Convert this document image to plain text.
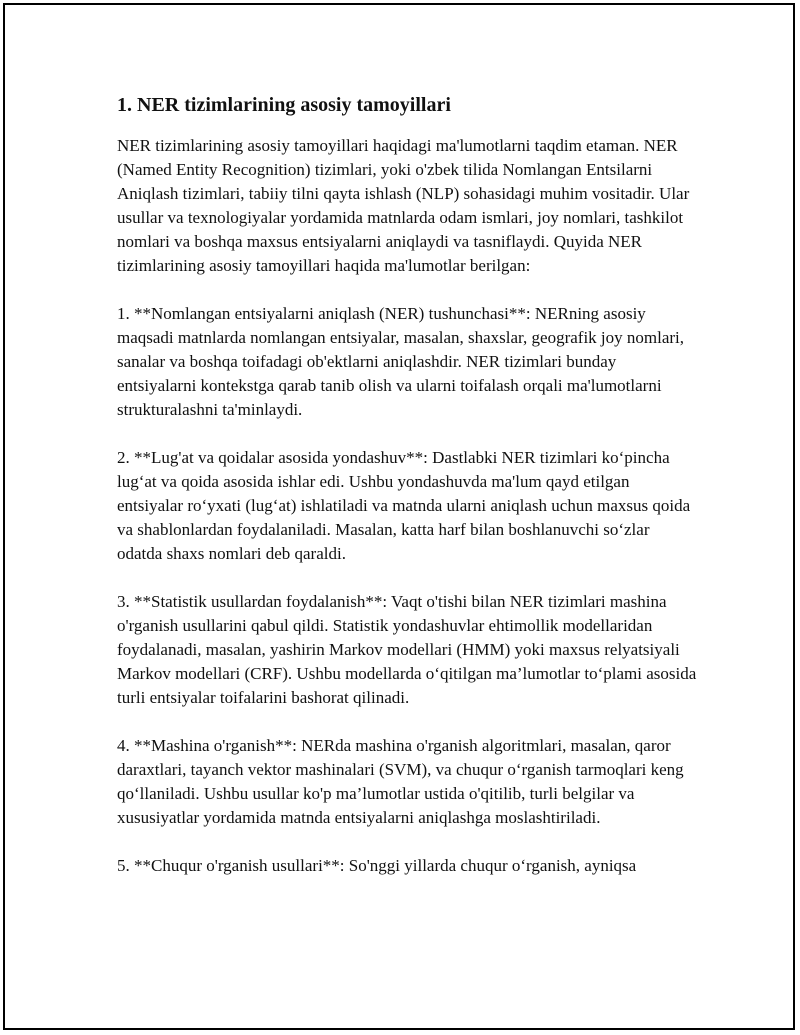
1. NER tizimlarining asosiy tamoyillari

NER tizimlarining asosiy tamoyillari haqidagi ma'lumotlarni taqdim etaman. NER (Named Entity Recognition) tizimlari, yoki o'zbek tilida Nomlangan Entsilarni Aniqlash tizimlari, tabiiy tilni qayta ishlash (NLP) sohasidagi muhim vositadir. Ular usullar va texnologiyalar yordamida matnlarda odam ismlari, joy nomlari, tashkilot nomlari va boshqa maxsus entsiyalarni aniqlaydi va tasniflaydi. Quyida NER tizimlarining asosiy tamoyillari haqida ma'lumotlar berilgan:

1. **Nomlangan entsiyalarni aniqlash (NER) tushunchasi**: NERning asosiy maqsadi matnlarda nomlangan entsiyalar, masalan, shaxslar, geografik joy nomlari, sanalar va boshqa toifadagi ob'ektlarni aniqlashdir. NER tizimlari bunday entsiyalarni kontekstga qarab tanib olish va ularni toifalash orqali ma'lumotlarni strukturalashni ta'minlaydi.

2. **Lug'at va qoidalar asosida yondashuv**: Dastlabki NER tizimlari ko‘pincha lug‘at va qoida asosida ishlar edi. Ushbu yondashuvda ma'lum qayd etilgan entsiyalar ro‘yxati (lug‘at) ishlatiladi va matnda ularni aniqlash uchun maxsus qoida va shablonlardan foydalaniladi. Masalan, katta harf bilan boshlanuvchi so‘zlar odatda shaxs nomlari deb qaraldi.

3. **Statistik usullardan foydalanish**: Vaqt o'tishi bilan NER tizimlari mashina o'rganish usullarini qabul qildi. Statistik yondashuvlar ehtimollik modellaridan foydalanadi, masalan, yashirin Markov modellari (HMM) yoki maxsus relyatsiyali Markov modellari (CRF). Ushbu modellarda o‘qitilgan ma’lumotlar to‘plami asosida turli entsiyalar toifalarini bashorat qilinadi.

4. **Mashina o'rganish**: NERda mashina o'rganish algoritmlari, masalan, qaror daraxtlari, tayanch vektor mashinalari (SVM), va chuqur o‘rganish tarmoqlari keng qo‘llaniladi. Ushbu usullar ko'p ma’lumotlar ustida o'qitilib, turli belgilar va xususiyatlar yordamida matnda entsiyalarni aniqlashga moslashtiriladi.

5. **Chuqur o'rganish usullari**: So'nggi yillarda chuqur o‘rganish, ayniqsa
